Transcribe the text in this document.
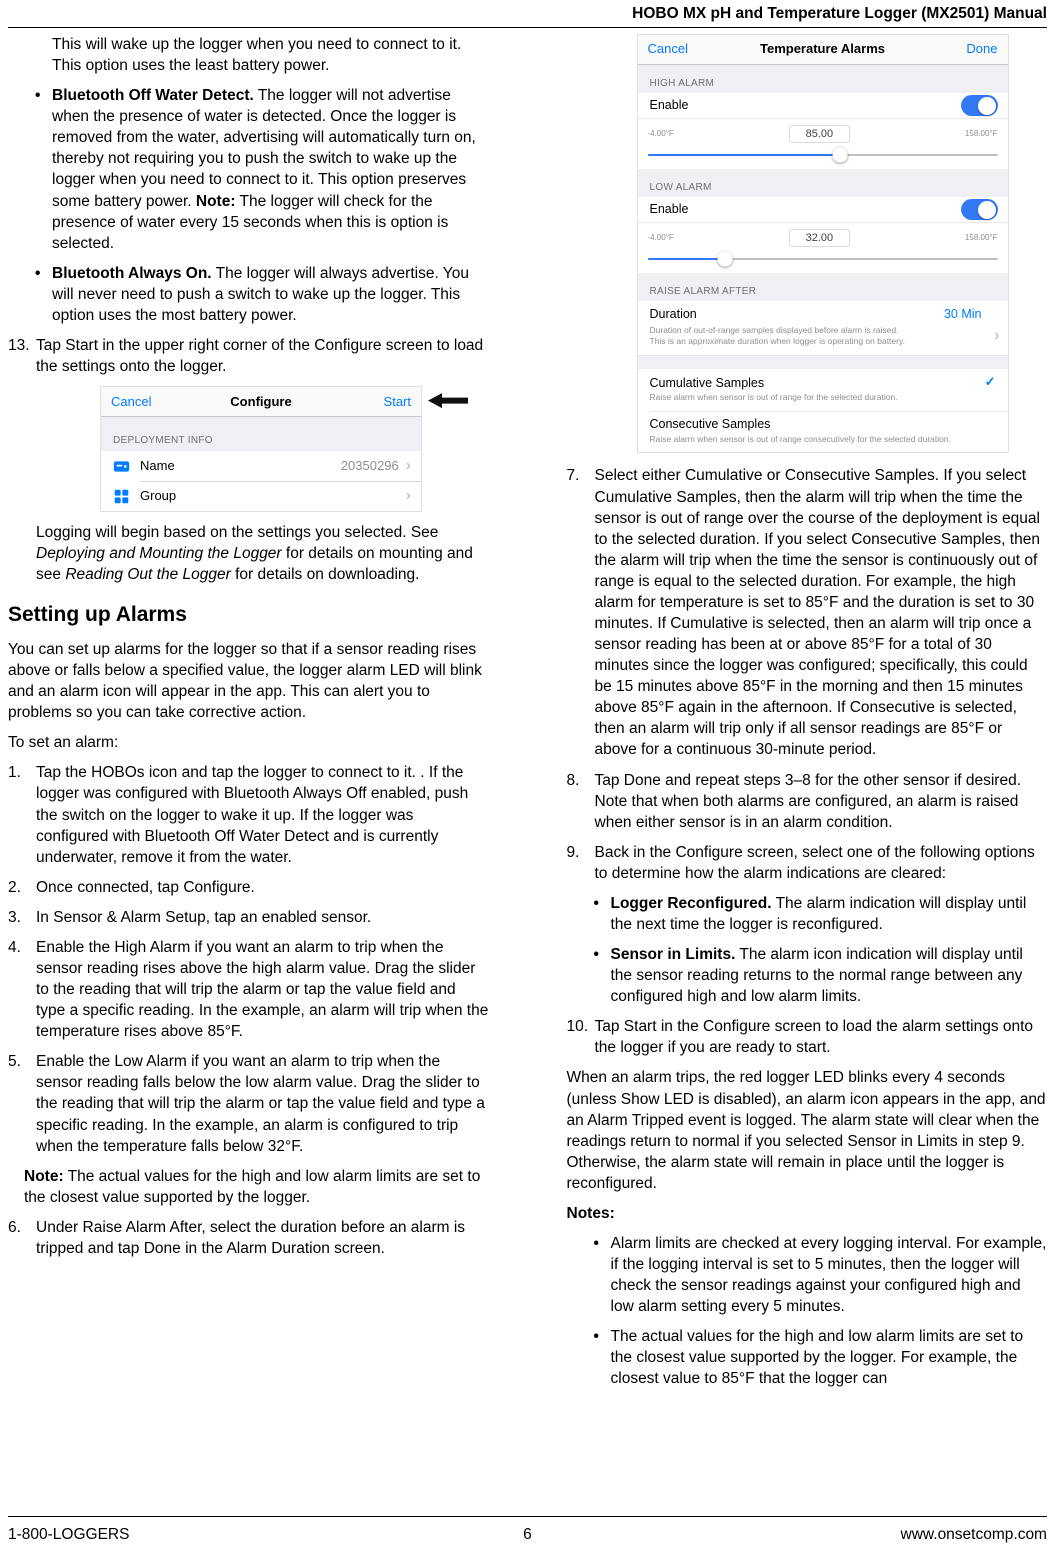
HOBO MX pH and Temperature Logger (MX2501) Manual

This will wake up the logger when you need to connect to it. This option uses the least battery power.

•
Bluetooth Off Water Detect. The logger will not advertise when the presence of water is detected. Once the logger is removed from the water, advertising will automatically turn on, thereby not requiring you to push the switch to wake up the logger when you need to connect to it. This option preserves some battery power. Note: The logger will check for the presence of water every 15 seconds when this is option is selected.
•
Bluetooth Always On. The logger will always advertise. You will never need to push a switch to wake up the logger. This option uses the most battery power.
13. Tap Start in the upper right corner of the Configure screen to load the settings onto the logger.
Cancel	Configure	Start
DEPLOYMENT INFO
Name	20350296 ›
Group	›

Logging will begin based on the settings you selected. See Deploying and Mounting the Logger for details on mounting and see Reading Out the Logger for details on downloading.

Setting up Alarms

You can set up alarms for the logger so that if a sensor reading rises above or falls below a specified value, the logger alarm LED will blink and an alarm icon will appear in the app. This can alert you to problems so you can take corrective action.

To set an alarm:

1. Tap the HOBOs icon and tap the logger to connect to it. . If the logger was configured with Bluetooth Always Off enabled, push the switch on the logger to wake it up. If the logger was configured with Bluetooth Off Water Detect and is currently underwater, remove it from the water.
2. Once connected, tap Configure.
3. In Sensor & Alarm Setup, tap an enabled sensor.
4. Enable the High Alarm if you want an alarm to trip when the sensor reading rises above the high alarm value. Drag the slider to the reading that will trip the alarm or tap the value field and type a specific reading. In the example, an alarm will trip when the temperature rises above 85°F.
5. Enable the Low Alarm if you want an alarm to trip when the sensor reading falls below the low alarm value. Drag the slider to the reading that will trip the alarm or tap the value field and type a specific reading. In the example, an alarm is configured to trip when the temperature falls below 32°F.

Note: The actual values for the high and low alarm limits are set to the closest value supported by the logger.

6. Under Raise Alarm After, select the duration before an alarm is tripped and tap Done in the Alarm Duration screen.
Cancel	Temperature Alarms	Done
HIGH ALARM
Enable
-4.00°F	85.00	158.00°F
LOW ALARM
Enable
-4.00°F	32.00	158.00°F
RAISE ALARM AFTER
Duration	30 Min
Duration of out-of-range samples displayed before alarm is raised.
This is an approximate duration when logger is operating on battery.	›
Cumulative Samples	✓
Raise alarm when sensor is out of range for the selected duration.
Consecutive Samples
Raise alarm when sensor is out of range consecutively for the selected duration.
7. Select either Cumulative or Consecutive Samples. If you select Cumulative Samples, then the alarm will trip when the time the sensor is out of range over the course of the deployment is equal to the selected duration. If you select Consecutive Samples, then the alarm will trip when the time the sensor is continuously out of range is equal to the selected duration. For example, the high alarm for temperature is set to 85°F and the duration is set to 30 minutes. If Cumulative is selected, then an alarm will trip once a sensor reading has been at or above 85°F for a total of 30 minutes since the logger was configured; specifically, this could be 15 minutes above 85°F in the morning and then 15 minutes above 85°F again in the afternoon. If Consecutive is selected, then an alarm will trip only if all sensor readings are 85°F or above for a continuous 30-minute period.
8. Tap Done and repeat steps 3–8 for the other sensor if desired. Note that when both alarms are configured, an alarm is raised when either sensor is in an alarm condition.
9. Back in the Configure screen, select one of the following options to determine how the alarm indications are cleared:
•
Logger Reconfigured. The alarm indication will display until the next time the logger is reconfigured.
•
Sensor in Limits. The alarm icon indication will display until the sensor reading returns to the normal range between any configured high and low alarm limits.
10. Tap Start in the Configure screen to load the alarm settings onto the logger if you are ready to start.

When an alarm trips, the red logger LED blinks every 4 seconds (unless Show LED is disabled), an alarm icon appears in the app, and an Alarm Tripped event is logged. The alarm state will clear when the readings return to normal if you selected Sensor in Limits in step 9. Otherwise, the alarm state will remain in place until the logger is reconfigured.

Notes:

•
Alarm limits are checked at every logging interval. For example, if the logging interval is set to 5 minutes, then the logger will check the sensor readings against your configured high and low alarm setting every 5 minutes.
•
The actual values for the high and low alarm limits are set to the closest value supported by the logger. For example, the closest value to 85°F that the logger can
1-800-LOGGERS	6	www.onsetcomp.com
